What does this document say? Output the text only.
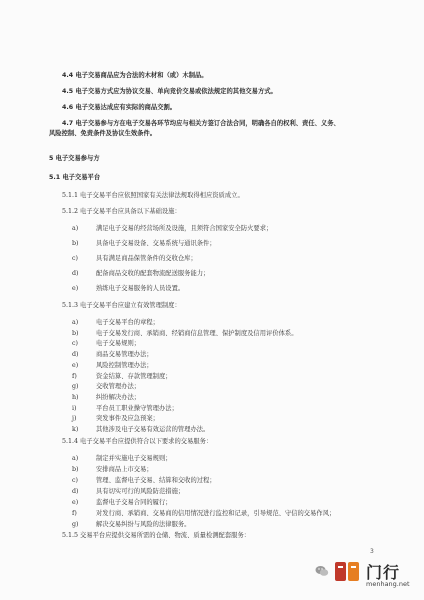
4.4 电子交易商品应为合法的木材和（或）木制品。
4.5 电子交易方式应为协议交易、单向竞价交易或依法规定的其他交易方式。
4.6 电子交易达成应有实际的商品交割。
4.7 电子交易参与方在电子交易各环节均应与相关方签订合法合同，明确各自的权利、责任、义务、
风险控制、免责条件及协议生效条件。
5 电子交易参与方
5.1 电子交易平台
5.1.1 电子交易平台应依照国家有关法律法规取得相应资质成立。
5.1.2 电子交易平台应具备以下基础设施：
a)	满足电子交易的经营场所及设施，且须符合国家安全防火要求；
b)	具备电子交易设备、交易系统与通讯条件；
c)	具有满足商品保管条件的交收仓库；
d)	配备商品交收的配套物流配送服务能力；
e)	熟练电子交易服务的人员设置。
5.1.3 电子交易平台应建立有效管理制度：
a)	电子交易平台的章程；
b)	电子交易发行商、承销商、经销商信息管理、保护制度及信用评价体系。
c)	电子交易规则；
d)	商品交易管理办法；
e)	风险控制管理办法；
f)	资金结算、存款管理制度；
g)	交收管理办法；
h)	纠纷解决办法；
i)	平台员工职业操守管理办法；
j)	突发事件及应急预案；
k)	其他涉及电子交易有效运营的管理办法。
5.1.4 电子交易平台应提供符合以下要求的交易服务：
a)	制定并实施电子交易规则；
b)	安排商品上市交易；
c)	管理、监督电子交易、结算和交收的过程；
d)	具有切实可行的风险防范措施；
e)	监督电子交易合同的履行；
f)	对发行商、承销商、交易商的信用情况进行监控和记录，引导规范、守信的交易作风；
g)	解决交易纠纷与风险的法律服务。
5.1.5 交易平台应提供交易所需的仓储、物流、质量检测配套服务：
3
门行
menhang.net
